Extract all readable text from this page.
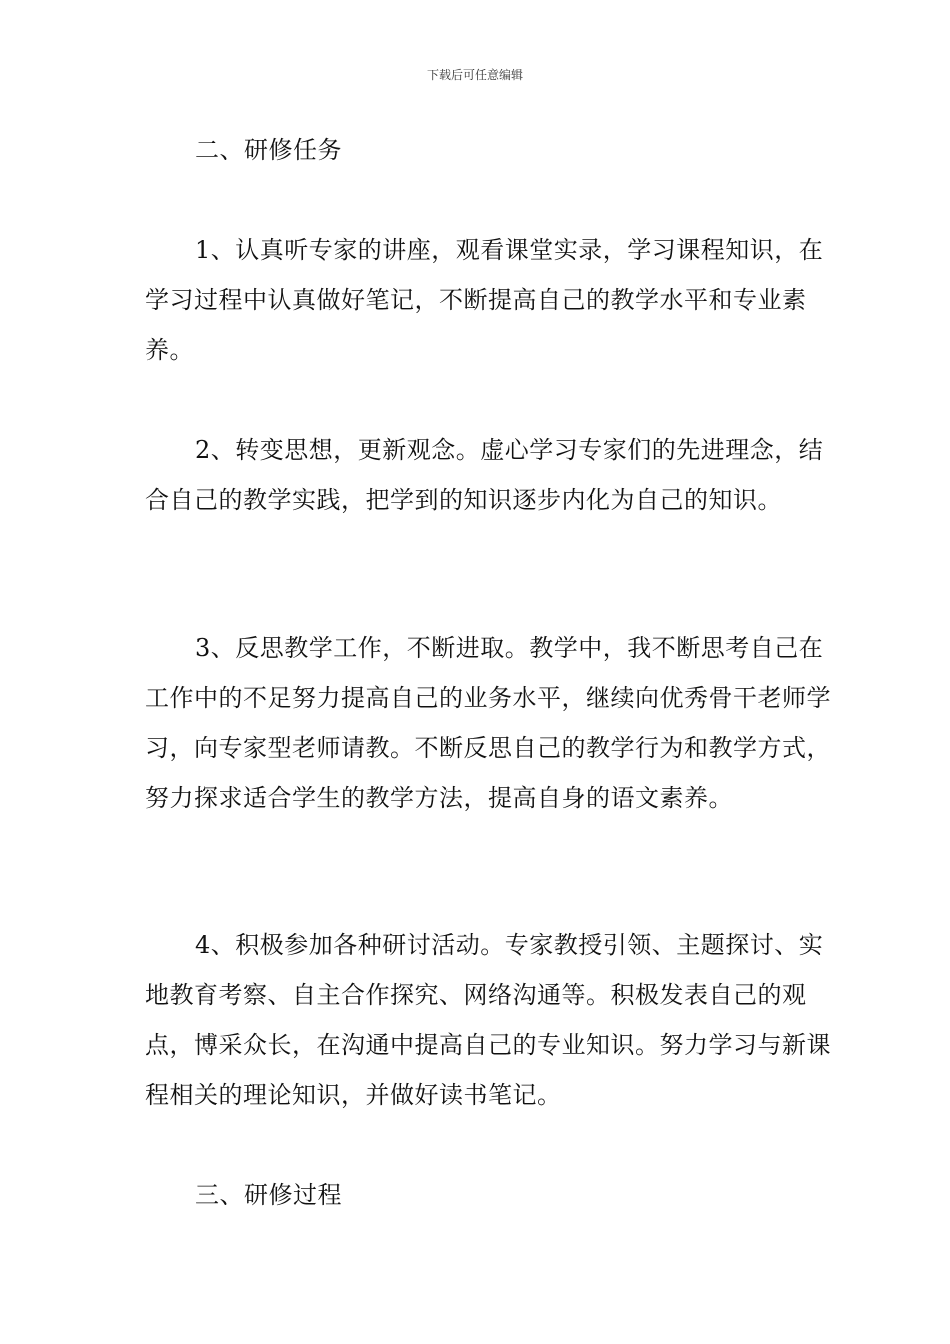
下载后可任意编辑

二、研修任务

1、认真听专家的讲座，观看课堂实录，学习课程知识，在学习过程中认真做好笔记，不断提高自己的教学水平和专业素养。

2、转变思想，更新观念。虚心学习专家们的先进理念，结合自己的教学实践，把学到的知识逐步内化为自己的知识。

3、反思教学工作，不断进取。教学中，我不断思考自己在工作中的不足努力提高自己的业务水平，继续向优秀骨干老师学习，向专家型老师请教。不断反思自己的教学行为和教学方式，努力探求适合学生的教学方法，提高自身的语文素养。

4、积极参加各种研讨活动。专家教授引领、主题探讨、实地教育考察、自主合作探究、网络沟通等。积极发表自己的观点，博采众长，在沟通中提高自己的专业知识。努力学习与新课程相关的理论知识，并做好读书笔记。

三、研修过程
